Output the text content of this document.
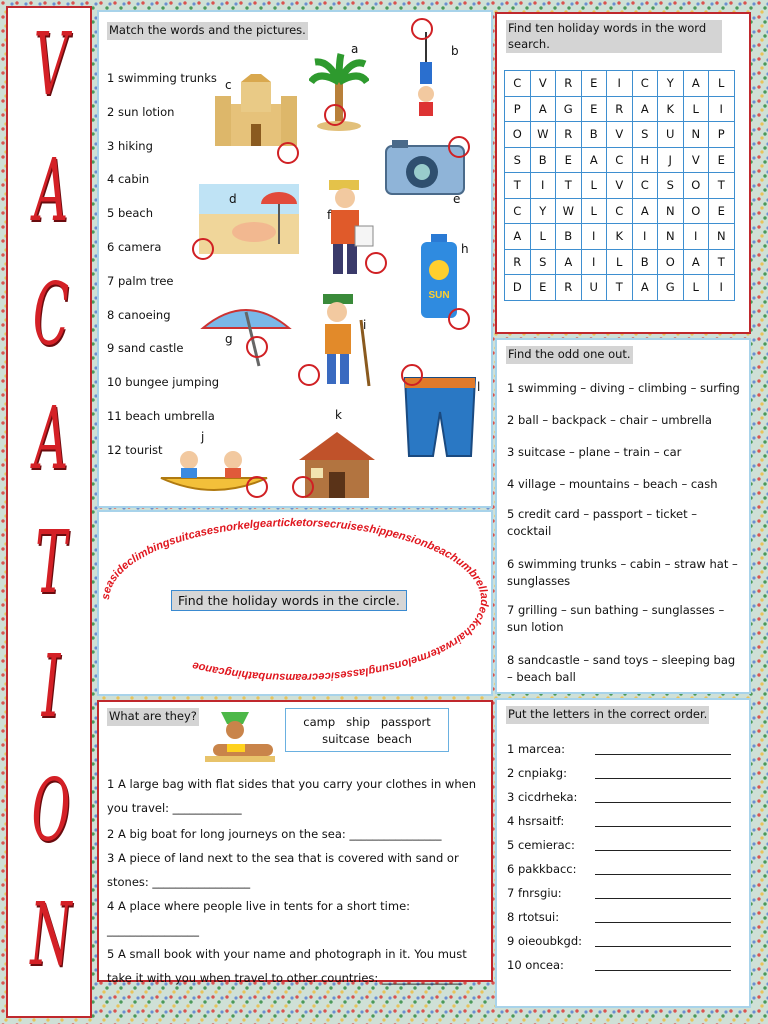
V
A
C
A
T
I
O
N
Match the words and the pictures.
1 swimming trunks
2 sun lotion
3 hiking
4 cabin
5 beach
6 camera
7 palm tree
8 canoeing
9 sand castle
10 bungee jumping
11 beach umbrella
12 tourist
SUN
a	b
c
d	e
f
g
h
i
j
k
l
Find ten holiday words in the word search.
C	V	R	E	I	C	Y	A	L
P	A	G	E	R	A	K	L	I
O	W	R	B	V	S	U	N	P
S	B	E	A	C	H	J	V	E
T	I	T	L	V	C	S	O	T
C	Y	W	L	C	A	N	O	E
A	L	B	I	K	I	N	I	N
R	S	A	I	L	B	O	A	T
D	E	R	U	T	A	G	L	I
seasideclimbingsuitcasesnorkelgearticketorsecruiseshippensionbeachumbrelladeckchairwatermelonsunglassesicecreamsunbathingcanoe
Find the holiday words in the circle.
Find the odd one out.
1 swimming – diving – climbing – surfing
2 ball – backpack – chair – umbrella
3 suitcase – plane – train – car
4 village – mountains – beach – cash
5 credit card – passport – ticket – cocktail
6 swimming trunks – cabin – straw hat – sunglasses
7 grilling – sun bathing – sunglasses – sun lotion
8 sandcastle – sand toys – sleeping bag – beach ball
What are they?	camp   ship   passport
suitcase  beach
1 A large bag with flat sides that you carry your clothes in when you travel: ____________
2 A big boat for long journeys on the sea: ________________
3 A piece of land next to the sea that is covered with sand or stones: _________________
4 A place where people live in tents for a short time: ________________
5 A small book with your name and photograph in it. You must take it with you when travel to other countries: ______________
Put the letters in the correct order.
1 marcea:
2 cnpiakg:
3 cicdrheka:
4 hsrsaitf:
5 cemierac:
6 pakkbacc:
7 fnrsgiu:
8 rtotsui:
9 oieoubkgd:
10 oncea:
